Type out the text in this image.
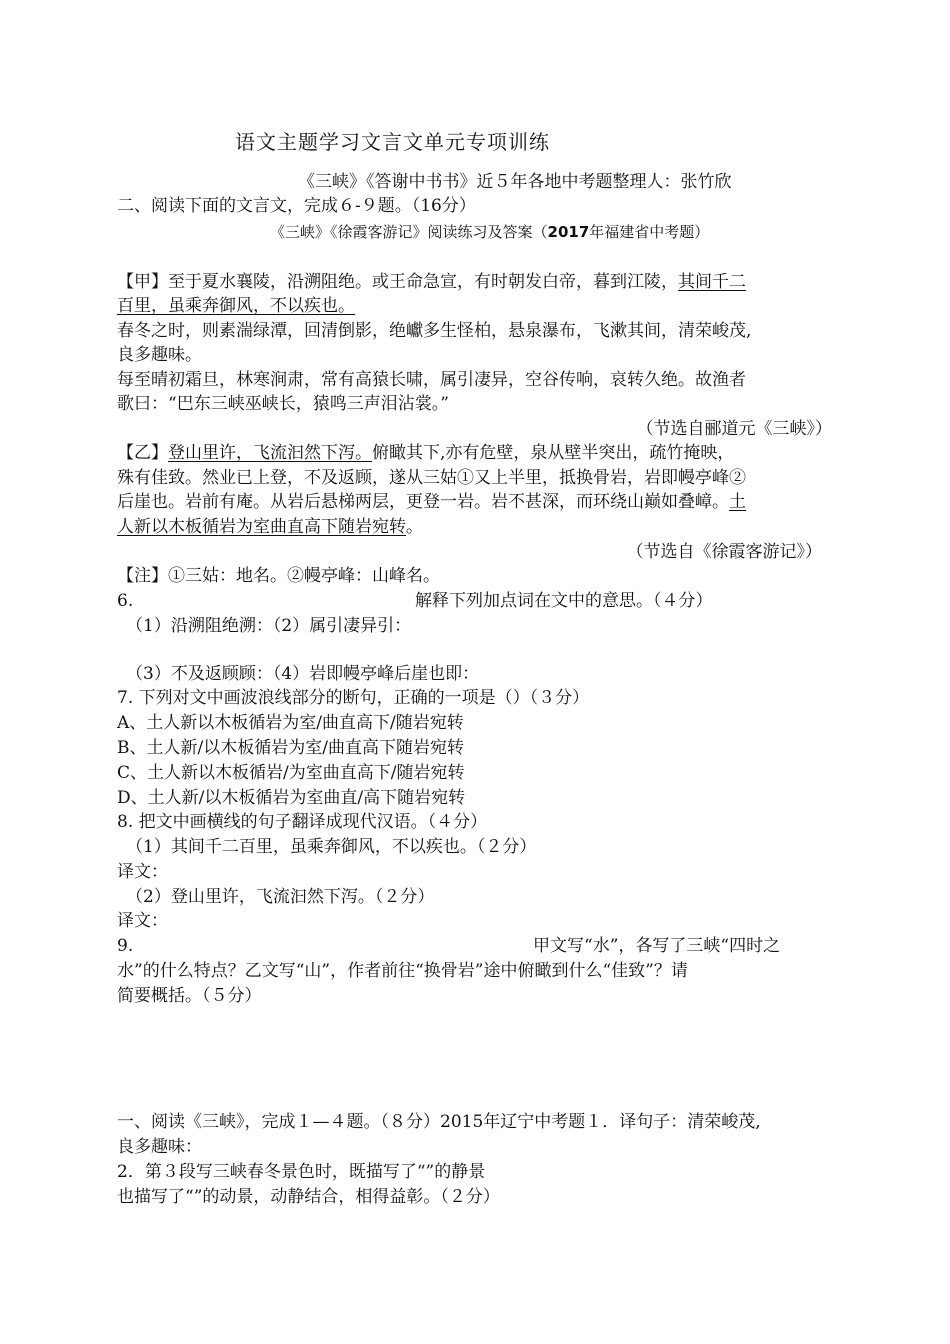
语文主题学习文言文单元专项训练
《三峡》《答谢中书书》近５年各地中考题整理人：张竹欣
二、阅读下面的文言文，完成６-９题。（16分）
《三峡》《徐霞客游记》阅读练习及答案（2017年福建省中考题）
【甲】至于夏水襄陵，沿溯阻绝。或王命急宣，有时朝发白帝，暮到江陵，其间千二
百里，虽乘奔御风，不以疾也。
春冬之时，则素湍绿潭，回清倒影，绝巘多生怪柏，悬泉瀑布，飞漱其间，清荣峻茂,
良多趣味。
每至晴初霜旦，林寒涧肃，常有高猿长啸，属引凄异，空谷传响，哀转久绝。故渔者
歌曰：“巴东三峡巫峡长，猿鸣三声泪沾裳。”
（节选自郦道元《三峡》）
【乙】登山里许，飞流汩然下泻。俯瞰其下,亦有危壁，泉从壁半突出，疏竹掩映，
殊有佳致。然业已上登，不及返顾，遂从三姑①又上半里，抵换骨岩，岩即幔亭峰②
后崖也。岩前有庵。从岩后悬梯两层，更登一岩。岩不甚深，而环绕山巅如叠嶂。土
人新以木板循岩为室曲直高下随岩宛转。
（节选自《徐霞客游记》）
【注】①三姑：地名。②幔亭峰：山峰名。
6.	解释下列加点词在文中的意思。（４分）
（1）沿溯阻绝溯：（2）属引凄异引：
（3）不及返顾顾：（4）岩即幔亭峰后崖也即：
7. 下列对文中画波浪线部分的断句，正确的一项是（）（３分）
A、土人新以木板循岩为室/曲直高下/随岩宛转
B、土人新/以木板循岩为室/曲直高下随岩宛转
C、土人新以木板循岩/为室曲直高下/随岩宛转
D、土人新/以木板循岩为室曲直/高下随岩宛转
8. 把文中画横线的句子翻译成现代汉语。（４分）
（1）其间千二百里，虽乘奔御风，不以疾也。（２分）
译文：
（2）登山里许，飞流汩然下泻。（２分）
译文：
9.	甲文写“水”，各写了三峡“四时之
水”的什么特点？乙文写“山”，作者前往“换骨岩”途中俯瞰到什么“佳致”？请
简要概括。（５分）
一、阅读《三峡》，完成１—４题。（８分）2015年辽宁中考题１．译句子：清荣峻茂,
良多趣味：
2．第３段写三峡春冬景色时，既描写了“”的静景
也描写了“”的动景，动静结合，相得益彰。（２分）
